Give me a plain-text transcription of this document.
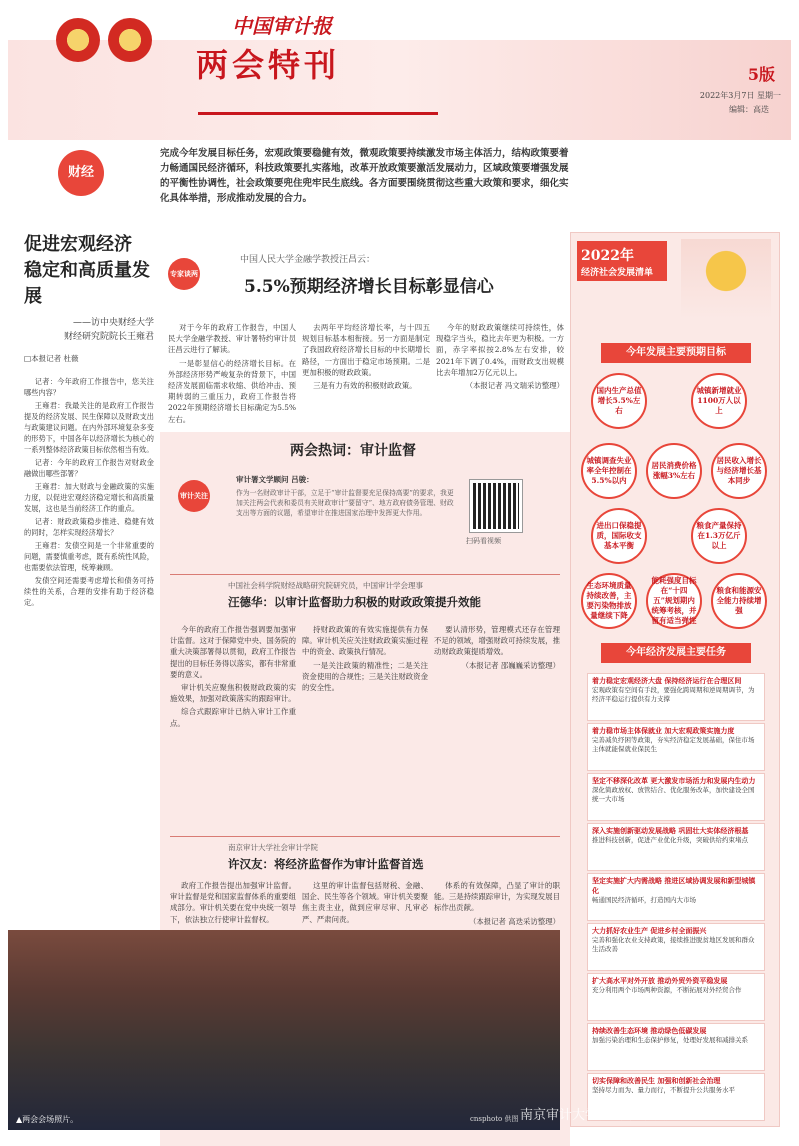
中国审计报
两会特刊	5版
2022年3月7日 星期一
编辑：高迭
财经
完成今年发展目标任务，宏观政策要稳健有效，微观政策要持续激发市场主体活力，结构政策要着力畅通国民经济循环，科技政策要扎实落地，改革开放政策要激活发展动力，区域政策要增强发展的平衡性协调性，社会政策要兜住兜牢民生底线。各方面要围绕贯彻这些重大政策和要求，细化实化具体举措，形成推动发展的合力。
促进宏观经济
稳定和高质量发展
——访中央财经大学
财经研究院院长王雍君
□本报记者 杜薇

记者：今年政府工作报告中，您关注哪些内容？

王雍君：我最关注的是政府工作报告提及的经济发展、民生保障以及财政支出与政策建议问题。在内外部环境复杂多变的形势下，中国各年以经济增长为核心的一系列整体经济政策目标依然相当有效。

记者：今年的政府工作报告对财政金融做出哪些部署？

王雍君：加大财政与金融政策的实施力度，以促进宏观经济稳定增长和高质量发展，这也是当前经济工作的重点。

记者：财政政策稳步推进、稳健有效的同时，怎样实现经济增长？

王雍君：发债空间是一个非常重要的问题，需要慎重考虑，既有系统性风险，也需要依法管理，统筹兼顾。

发债空间还需要考虑增长和债务可持续性的关系，合理的安排有助于经济稳定。

专家谈两会
中国人民大学金融学教授汪昌云：
5.5%预期经济增长目标彰显信心

对于今年的政府工作报告，中国人民大学金融学教授、审计署特约审计员汪昌云进行了解读。

一是彰显信心的经济增长目标。在外部经济形势严峻复杂的背景下，中国经济发展面临需求收缩、供给冲击、预期转弱的三重压力，政府工作报告将2022年预期经济增长目标确定为5.5%左右。

去两年平均经济增长率，与十四五规划目标基本相衔接。另一方面是制定了我国政府经济增长目标的中长期增长路径，一方面出于稳定市场预期。二是更加积极的财政政策。

三是有力有效的积极财政政策。

今年的财政政策继续可持续性，体现稳字当头，稳比去年更为积极。一方面，赤字率拟按2.8%左右安排，较2021年下调了0.4%，而财政支出规模比去年增加2万亿元以上。

（本报记者 冯文瑞采访整理）

两会热词：审计监督
审计关注
审计署文学顾问 吕骏：
作为一名财政审计干部，立足于“审计监督要充足保持高要”的要求，我更加关注两会代表和委员有关财政审计“要留守”、地方政府债务管理、财政支出等方面的议题，希望审计在推进国家治理中发挥更大作用。
扫码看视频
中国社会科学院财经战略研究院研究员，中国审计学会理事
汪德华：以审计监督助力积极的财政政策提升效能

今年的政府工作报告强调要加强审计监督。这对于保障党中央、国务院的重大决策部署得以贯彻，政府工作报告提出的目标任务得以落实，都有非常重要的意义。

审计机关应聚焦积极财政政策的实施效果，加强对政策落实的跟踪审计。

综合式跟踪审计已纳入审计工作重点。

持财政政策的有效实施提供有力保障。审计机关应关注财政政策实施过程中的资金、政策执行情况。

一是关注政策的精准性；二是关注资金使用的合规性；三是关注财政资金的安全性。

要认清形势，管理模式还存在管理不足的领域，增强财政可持续发展，推动财政政策提质增效。

（本报记者 邵巍巍采访整理）

南京审计大学社会审计学院
许汉友：将经济监督作为审计监督首选

政府工作报告提出加强审计监督。审计监督是党和国家监督体系的重要组成部分。审计机关要在党中央统一领导下，依法独立行使审计监督权。

这里的审计监督包括财税、金融、国企、民生等各个领域。审计机关要聚焦主责主业，做到应审尽审、凡审必严、严肃问责。

体系的有效保障，凸显了审计的职能。三是持续跟踪审计，为实现发展目标作出贡献。

（本报记者 高迭采访整理）

2022年
经济社会发展清单
今年发展主要预期目标
国内生产总值增长5.5%左右
城镇新增就业1100万人以上
城镇调查失业率全年控制在5.5%以内
居民消费价格涨幅3%左右
居民收入增长与经济增长基本同步
进出口保稳提质，国际收支基本平衡
粮食产量保持在1.3万亿斤以上
生态环境质量持续改善，主要污染物排放量继续下降
能耗强度目标在“十四五”规划期内统筹考核，并留有适当弹性
粮食和能源安全能力持续增强
今年经济发展主要任务
着力稳定宏观经济大盘 保持经济运行在合理区间
宏观政策有空间有手段，要强化跨周期和逆周期调节，为经济平稳运行提供有力支撑
着力稳市场主体保就业 加大宏观政策实施力度
完善减负纾困等政策，夯实经济稳定发展基础，保住市场主体就能保就业保民生
坚定不移深化改革 更大激发市场活力和发展内生动力
深化简政放权、放管结合、优化服务改革，加快建设全国统一大市场
深入实施创新驱动发展战略 巩固壮大实体经济根基
推进科技创新，促进产业优化升级，突破供给约束堵点
坚定实施扩大内需战略 推进区域协调发展和新型城镇化
畅通国民经济循环，打造国内大市场
大力抓好农业生产 促进乡村全面振兴
完善和强化农业支持政策，接续推进脱贫地区发展和群众生活改善
扩大高水平对外开放 推动外贸外资平稳发展
充分利用两个市场两种资源，不断拓展对外经贸合作
持续改善生态环境 推动绿色低碳发展
加强污染治理和生态保护修复，处理好发展和减排关系
切实保障和改善民生 加强和创新社会治理
坚持尽力而为、量力而行，不断提升公共服务水平
▲两会会场照片。	cnsphoto 供图 南京审计大学社会审计学院
